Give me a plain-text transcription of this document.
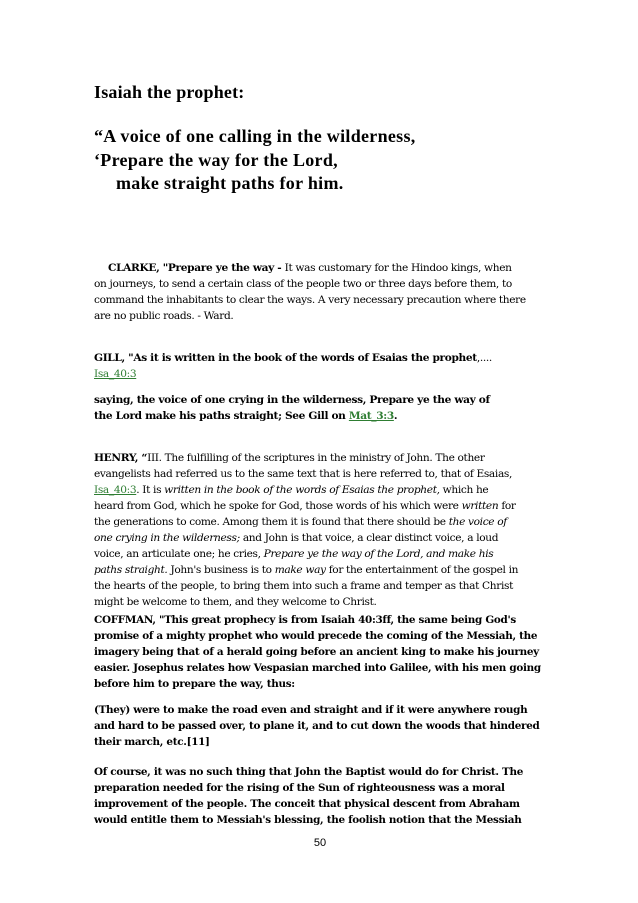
Isaiah the prophet:
“A voice of one calling in the wilderness,
‘Prepare the way for the Lord,
make straight paths for him.
CLARKE, "Prepare ye the way - It was customary for the Hindoo kings, when
on journeys, to send a certain class of the people two or three days before them, to
command the inhabitants to clear the ways. A very necessary precaution where there
are no public roads. - Ward.
GILL, "As it is written in the book of the words of Esaias the prophet,....
Isa_40:3
saying, the voice of one crying in the wilderness, Prepare ye the way of
the Lord make his paths straight; See Gill on Mat_3:3.
HENRY, “III. The fulfilling of the scriptures in the ministry of John. The other
evangelists had referred us to the same text that is here referred to, that of Esaias,
Isa_40:3. It is written in the book of the words of Esaias the prophet, which he
heard from God, which he spoke for God, those words of his which were written for
the generations to come. Among them it is found that there should be the voice of
one crying in the wilderness; and John is that voice, a clear distinct voice, a loud
voice, an articulate one; he cries, Prepare ye the way of the Lord, and make his
paths straight. John's business is to make way for the entertainment of the gospel in
the hearts of the people, to bring them into such a frame and temper as that Christ
might be welcome to them, and they welcome to Christ.
COFFMAN, "This great prophecy is from Isaiah 40:3ff, the same being God's
promise of a mighty prophet who would precede the coming of the Messiah, the
imagery being that of a herald going before an ancient king to make his journey
easier. Josephus relates how Vespasian marched into Galilee, with his men going
before him to prepare the way, thus:
(They) were to make the road even and straight and if it were anywhere rough
and hard to be passed over, to plane it, and to cut down the woods that hindered
their march, etc.[11]
Of course, it was no such thing that John the Baptist would do for Christ. The
preparation needed for the rising of the Sun of righteousness was a moral
improvement of the people. The conceit that physical descent from Abraham
would entitle them to Messiah's blessing, the foolish notion that the Messiah
50
